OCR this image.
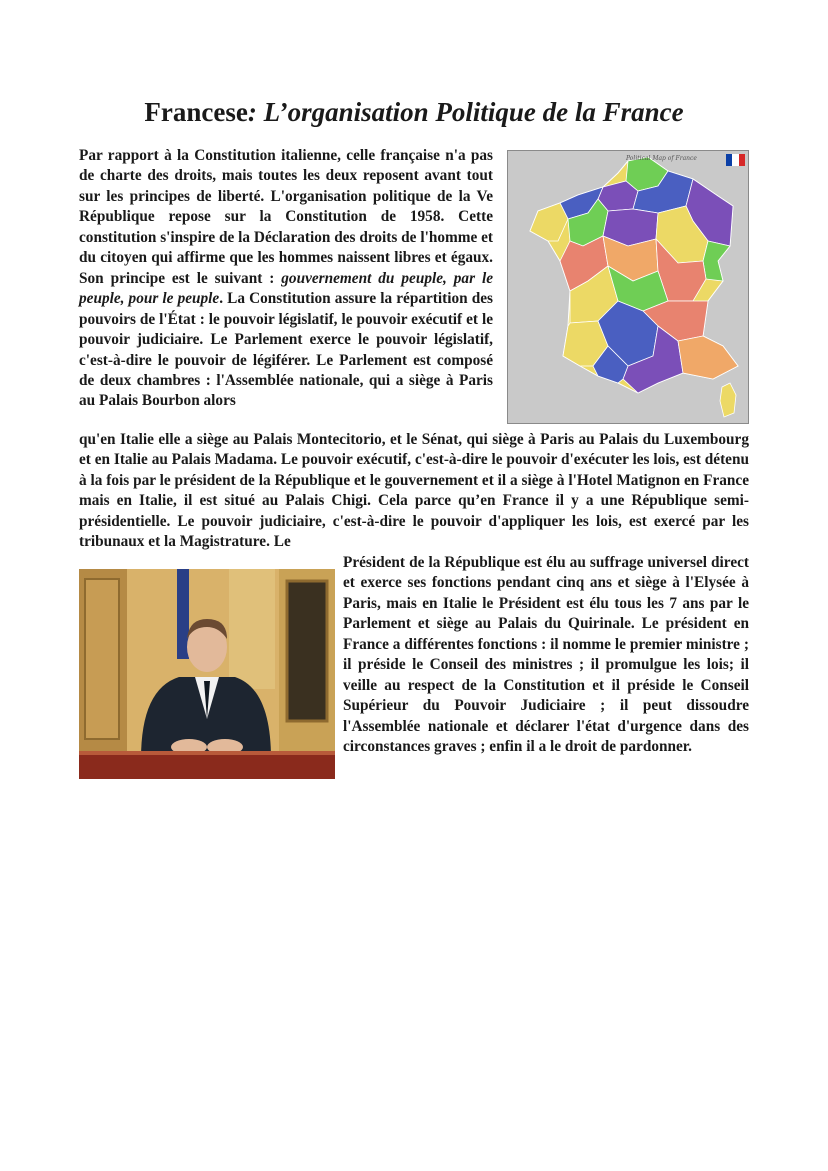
Francese: L’organisation Politique de la France

Par rapport à la Constitution italienne, celle française n'a pas de charte des droits, mais toutes les deux reposent avant tout sur les principes de liberté. L'organisation politique de la Ve République repose sur la Constitution de 1958. Cette constitution s'inspire de la Déclaration des droits de l'homme et du citoyen qui affirme que les hommes naissent libres et égaux. Son principe est le suivant : gouvernement du peuple, par le peuple, pour le peuple. La Constitution assure la répartition des pouvoirs de l'État : le pouvoir législatif, le pouvoir exécutif et le pouvoir judiciaire. Le Parlement exerce le pouvoir législatif, c'est-à-dire le pouvoir de légiférer. Le Parlement est composé de deux chambres : l'Assemblée nationale, qui a siège à Paris au Palais Bourbon alors

Political Map of France

qu'en Italie elle a siège au Palais Montecitorio, et le Sénat, qui siège à Paris au Palais du Luxembourg et en Italie au Palais Madama. Le pouvoir exécutif, c'est-à-dire le pouvoir d'exécuter les lois, est détenu à la fois par le président de la République et le gouvernement et il a siège à l'Hotel Matignon en France mais en Italie, il est situé au Palais Chigi. Cela parce qu’en France il y a une République semi-présidentielle. Le pouvoir judiciaire, c'est-à-dire le pouvoir d'appliquer les lois, est exercé par les tribunaux et la Magistrature. Le

Président de la République est élu au suffrage universel direct et exerce ses fonctions pendant cinq ans et siège à l'Elysée à Paris, mais en Italie le Président est élu tous les 7 ans par le Parlement et siège au Palais du Quirinale. Le président en France a différentes fonctions : il nomme le premier ministre ; il préside le Conseil des ministres ; il promulgue les lois; il veille au respect de la Constitution et il préside le Conseil Supérieur du Pouvoir Judiciaire ; il peut dissoudre l'Assemblée nationale et déclarer l'état d'urgence dans des circonstances graves ; enfin il a le droit de pardonner.
